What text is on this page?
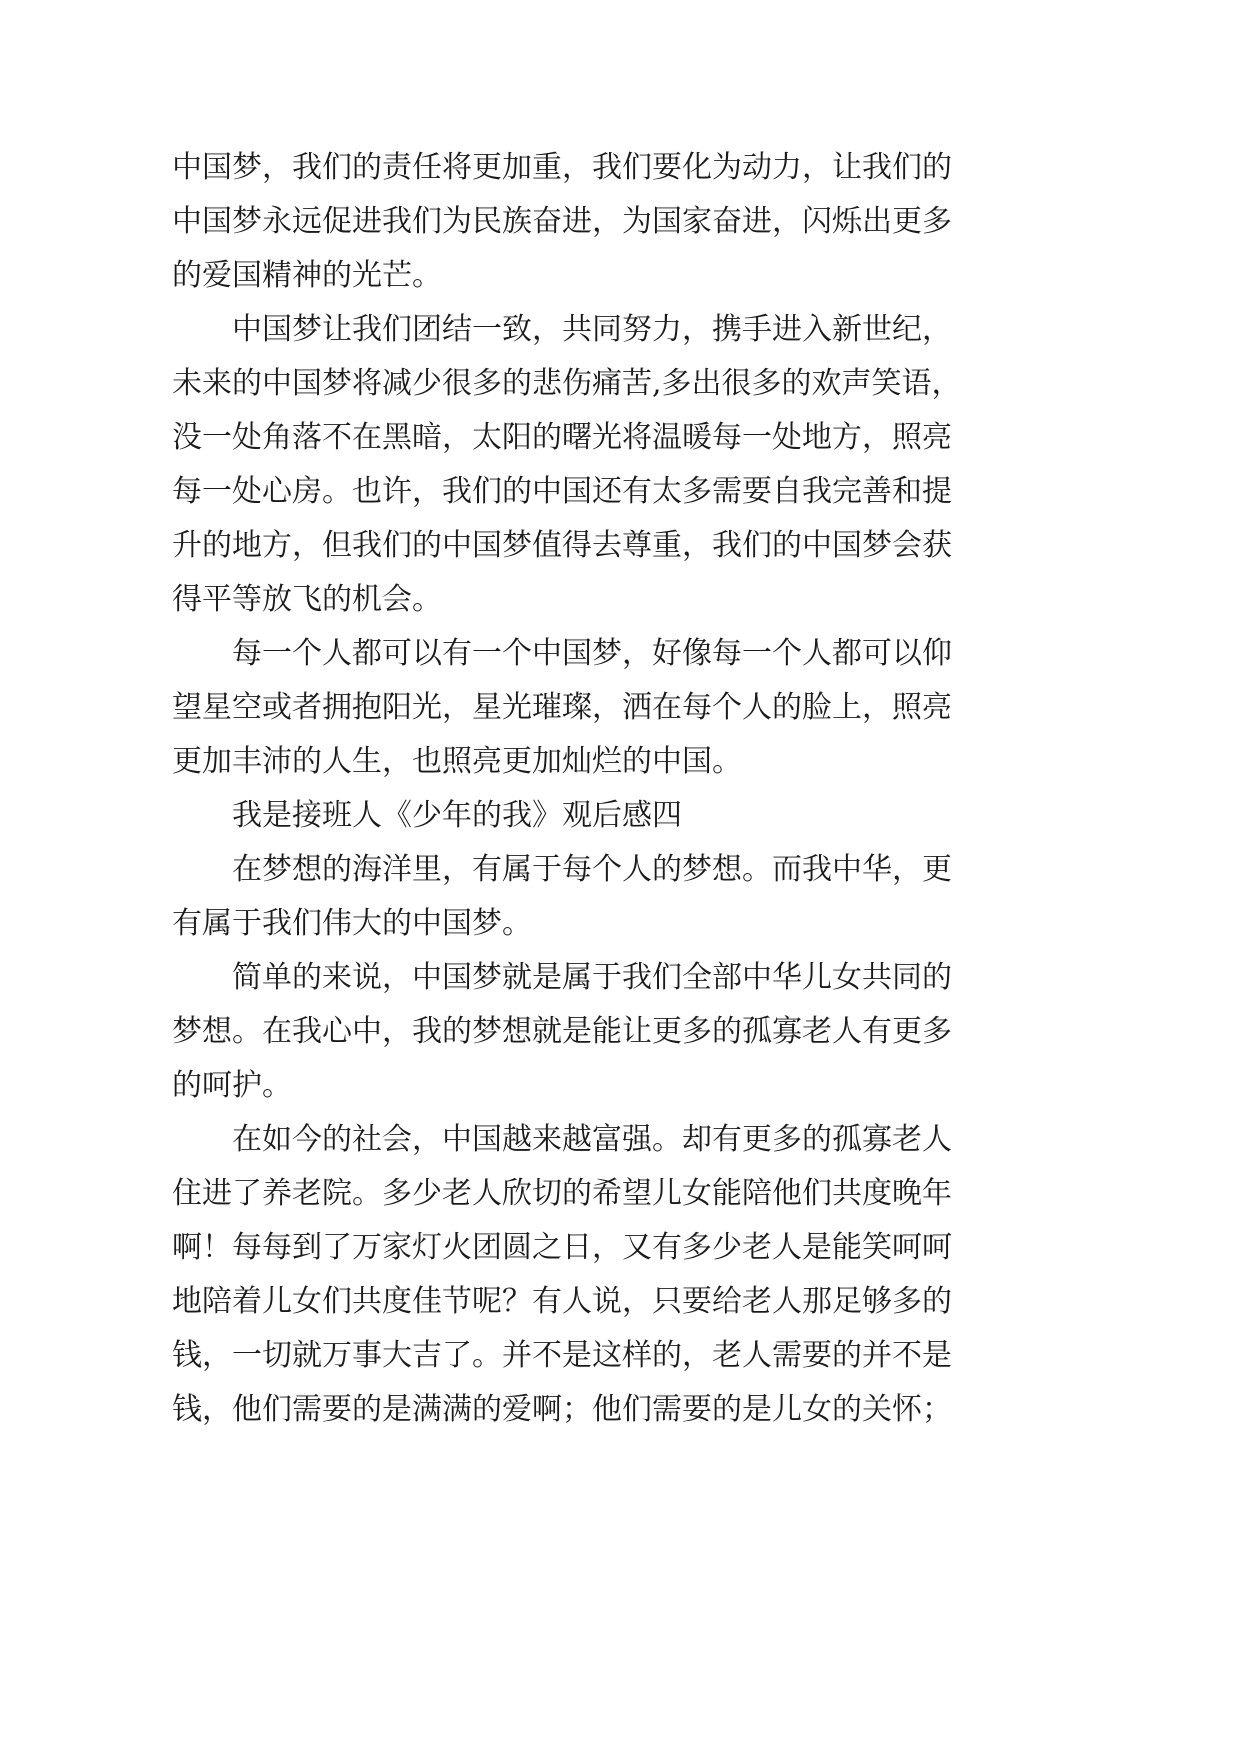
中国梦，我们的责任将更加重，我们要化为动力，让我们的
中国梦永远促进我们为民族奋进，为国家奋进，闪烁出更多
的爱国精神的光芒。
中国梦让我们团结一致，共同努力，携手进入新世纪，
未来的中国梦将减少很多的悲伤痛苦,多出很多的欢声笑语，
没一处角落不在黑暗，太阳的曙光将温暖每一处地方，照亮
每一处心房。也许，我们的中国还有太多需要自我完善和提
升的地方，但我们的中国梦值得去尊重，我们的中国梦会获
得平等放飞的机会。
每一个人都可以有一个中国梦，好像每一个人都可以仰
望星空或者拥抱阳光，星光璀璨，洒在每个人的脸上，照亮
更加丰沛的人生，也照亮更加灿烂的中国。
我是接班人《少年的我》观后感四
在梦想的海洋里，有属于每个人的梦想。而我中华，更
有属于我们伟大的中国梦。
简单的来说，中国梦就是属于我们全部中华儿女共同的
梦想。在我心中，我的梦想就是能让更多的孤寡老人有更多
的呵护。
在如今的社会，中国越来越富强。却有更多的孤寡老人
住进了养老院。多少老人欣切的希望儿女能陪他们共度晚年
啊！每每到了万家灯火团圆之日，又有多少老人是能笑呵呵
地陪着儿女们共度佳节呢？有人说，只要给老人那足够多的
钱，一切就万事大吉了。并不是这样的，老人需要的并不是
钱，他们需要的是满满的爱啊；他们需要的是儿女的关怀；
